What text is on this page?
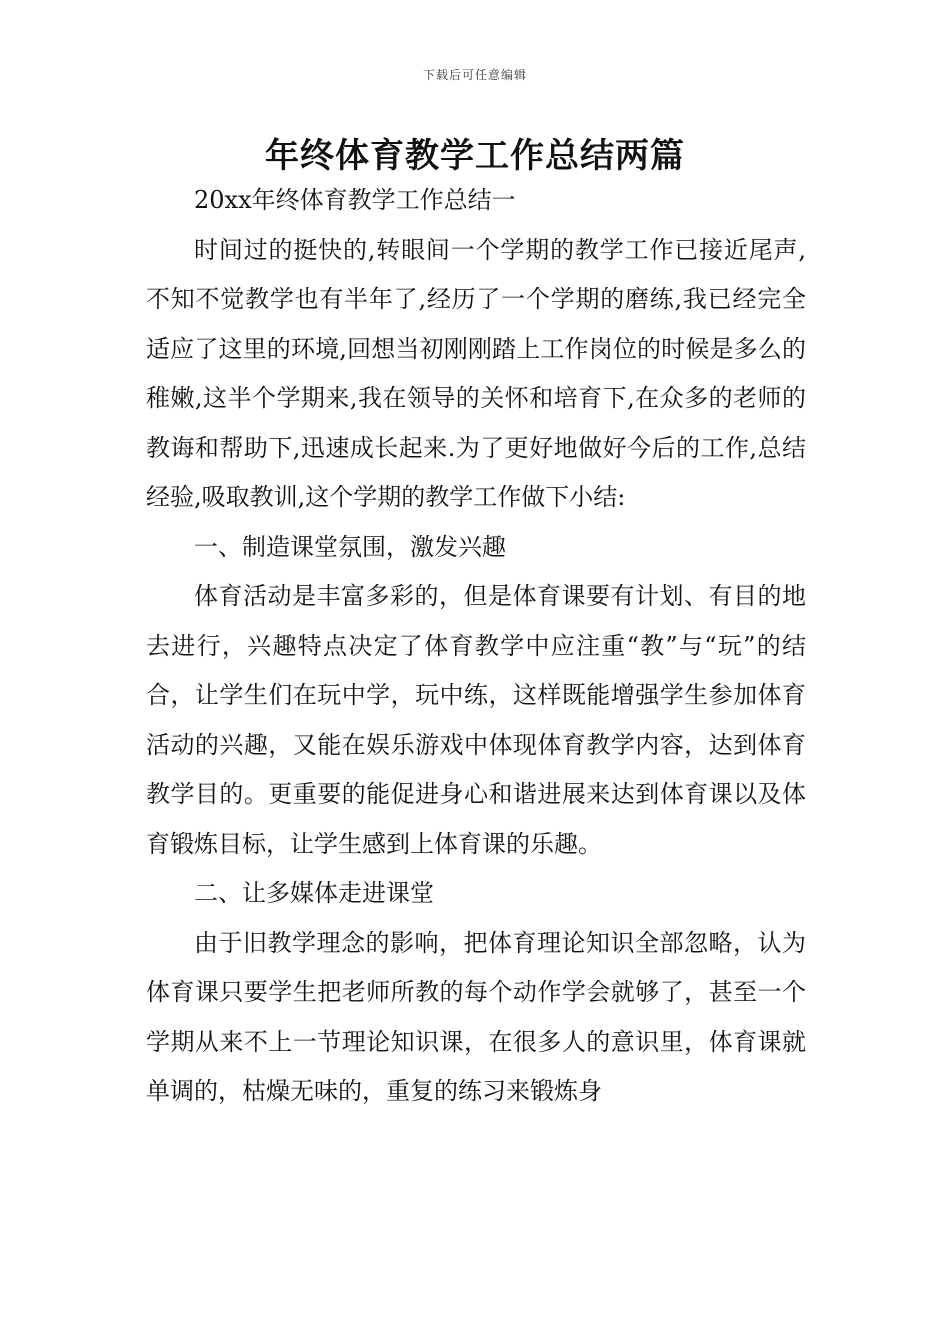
下载后可任意编辑
年终体育教学工作总结两篇

20xx年终体育教学工作总结一

时间过的挺快的,转眼间一个学期的教学工作已接近尾声,不知不觉教学也有半年了,经历了一个学期的磨练,我已经完全适应了这里的环境,回想当初刚刚踏上工作岗位的时候是多么的稚嫩,这半个学期来,我在领导的关怀和培育下,在众多的老师的教诲和帮助下,迅速成长起来.为了更好地做好今后的工作,总结经验,吸取教训,这个学期的教学工作做下小结:

一、制造课堂氛围，激发兴趣

体育活动是丰富多彩的，但是体育课要有计划、有目的地去进行，兴趣特点决定了体育教学中应注重“教”与“玩”的结合，让学生们在玩中学，玩中练，这样既能增强学生参加体育活动的兴趣，又能在娱乐游戏中体现体育教学内容，达到体育教学目的。更重要的能促进身心和谐进展来达到体育课以及体育锻炼目标，让学生感到上体育课的乐趣。

二、让多媒体走进课堂

由于旧教学理念的影响，把体育理论知识全部忽略，认为体育课只要学生把老师所教的每个动作学会就够了，甚至一个学期从来不上一节理论知识课，在很多人的意识里，体育课就单调的，枯燥无味的，重复的练习来锻炼身
